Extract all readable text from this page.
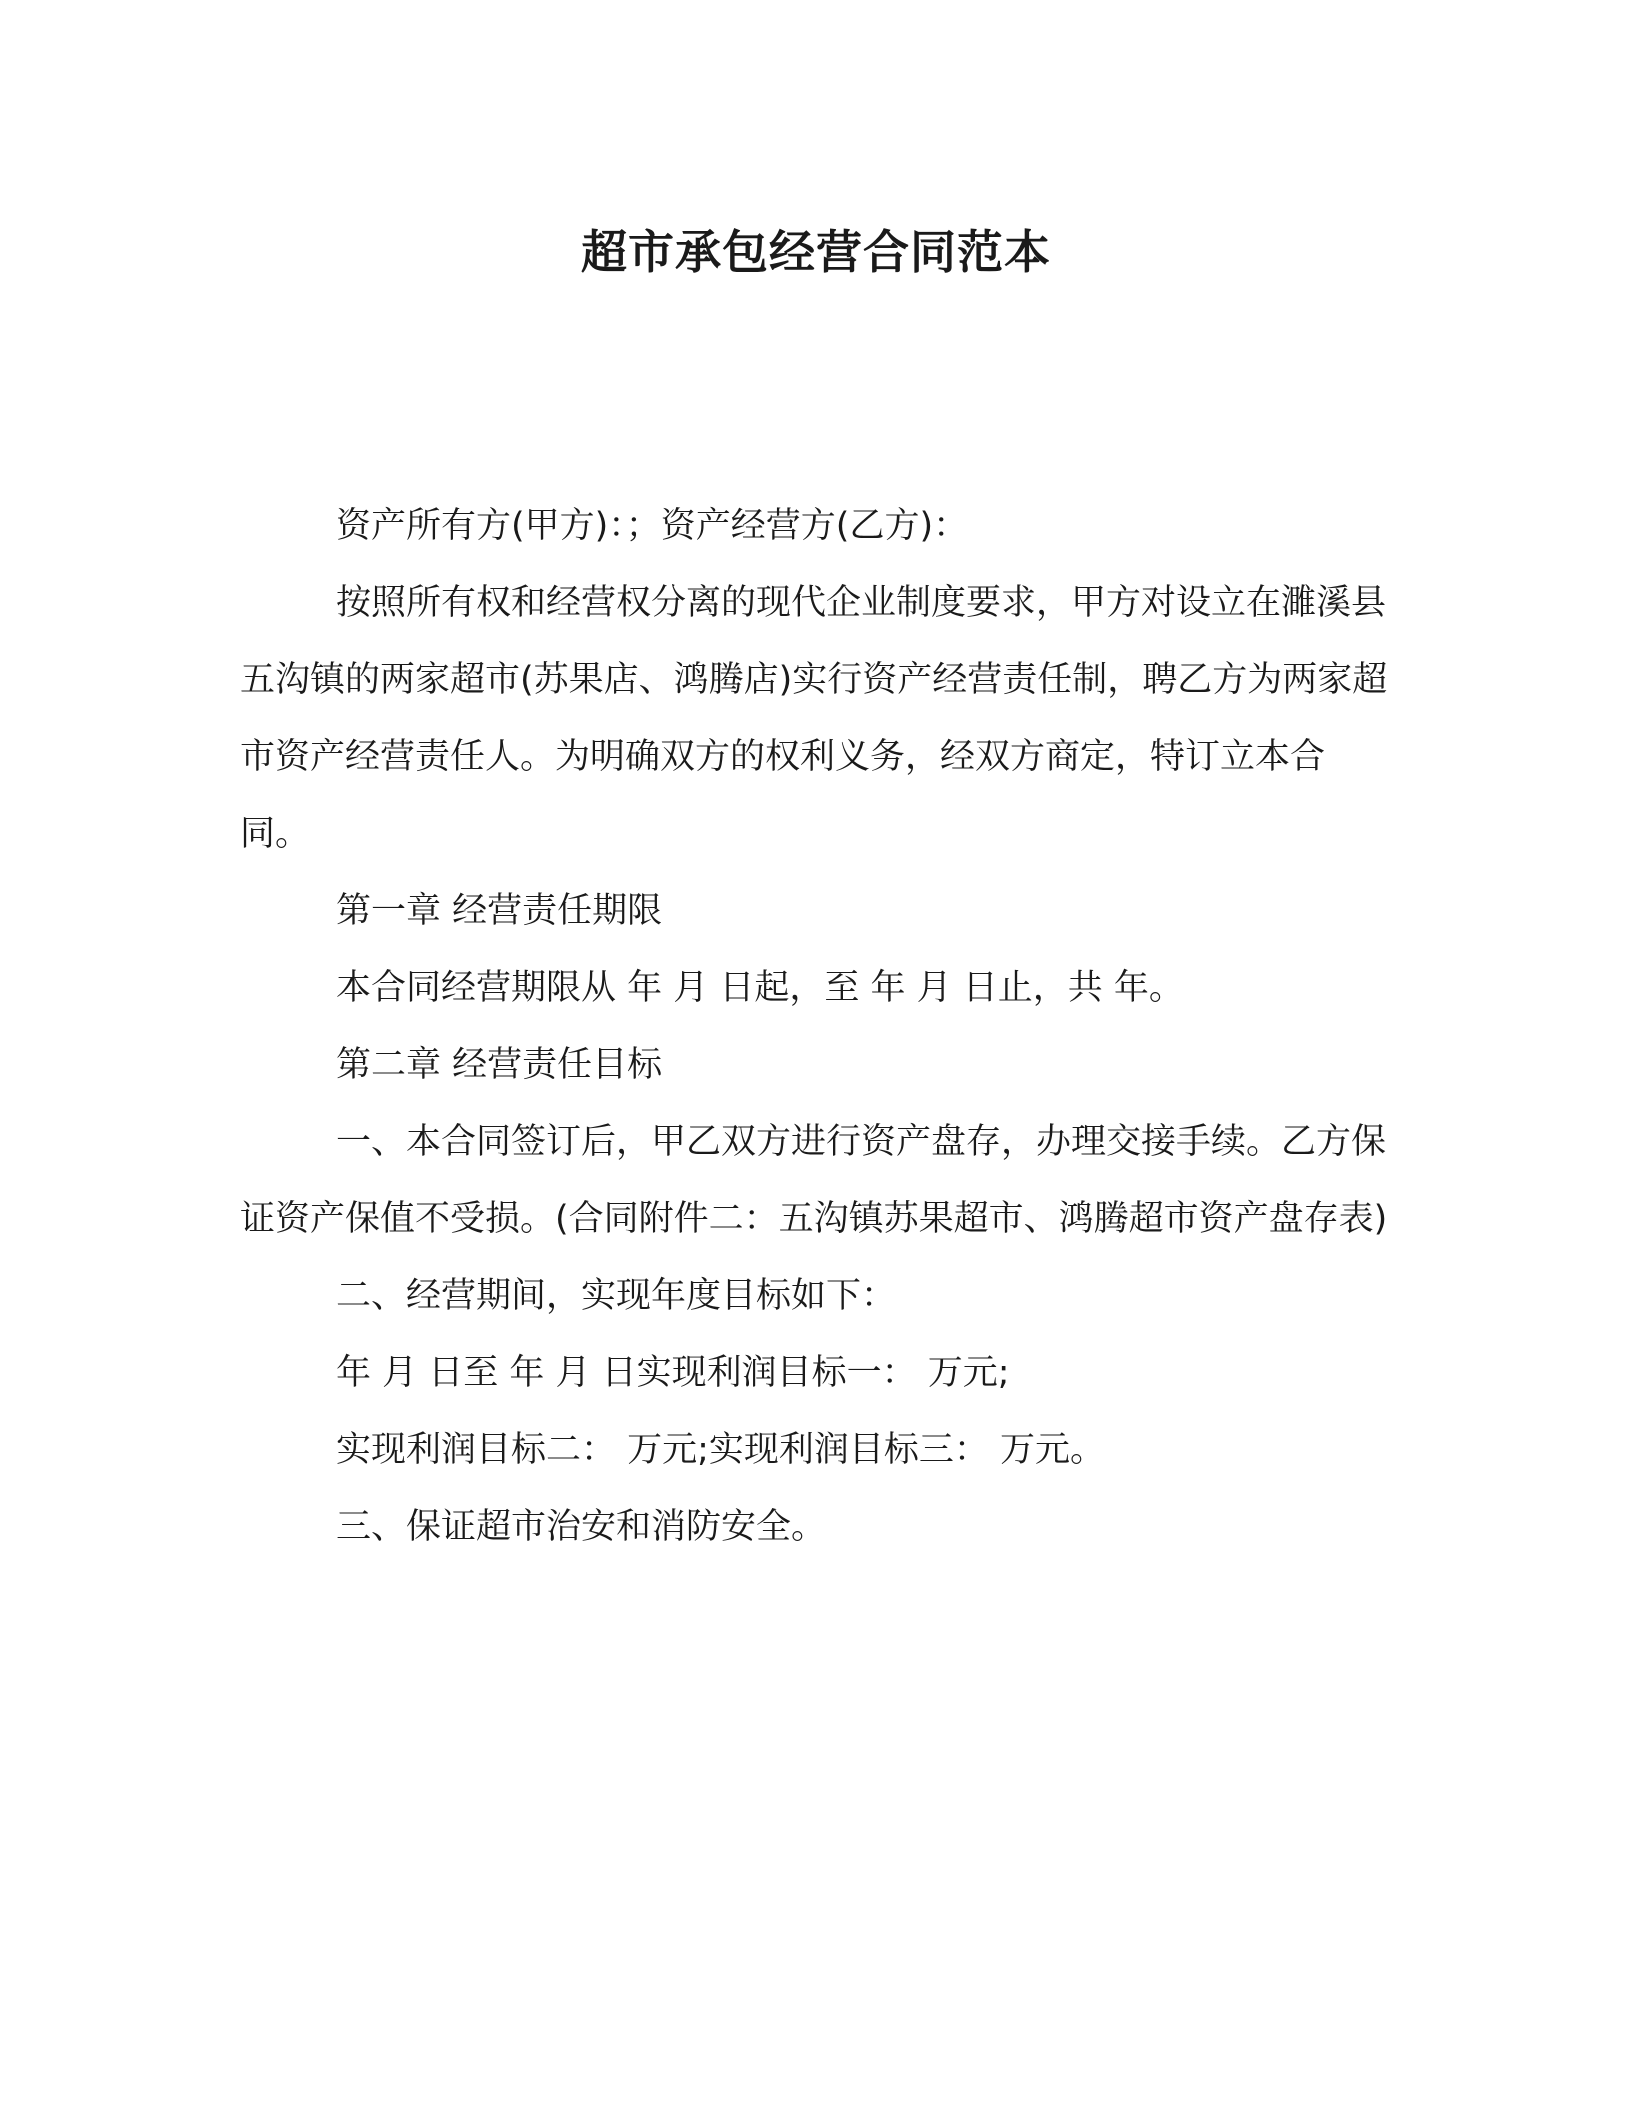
超市承包经营合同范本

资产所有方(甲方)：；资产经营方(乙方)：

按照所有权和经营权分离的现代企业制度要求，甲方对设立在濉溪县五沟镇的两家超市(苏果店、鸿腾店)实行资产经营责任制，聘乙方为两家超市资产经营责任人。为明确双方的权利义务，经双方商定，特订立本合同。

第一章 经营责任期限

本合同经营期限从 年 月 日起，至 年 月 日止，共 年。

第二章 经营责任目标

一、本合同签订后，甲乙双方进行资产盘存，办理交接手续。乙方保证资产保值不受损。(合同附件二：五沟镇苏果超市、鸿腾超市资产盘存表)

二、经营期间，实现年度目标如下：

年 月 日至 年 月 日实现利润目标一： 万元;

实现利润目标二： 万元;实现利润目标三： 万元。

三、保证超市治安和消防安全。
